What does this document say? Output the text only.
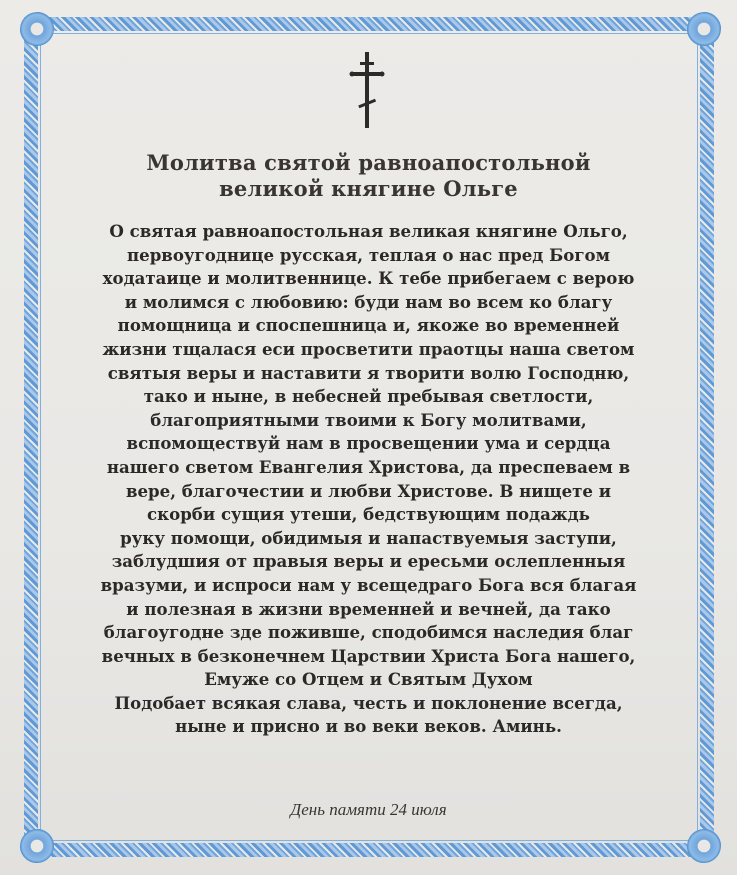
Молитва святой равноапостольной
великой княгине Ольге
О святая равноапостольная великая княгине Ольго,
первоугоднице русская, теплая о нас пред Богом
ходатаице и молитвеннице. К тебе прибегаем с верою
и молимся с любовию: буди нам во всем ко благу
помощница и споспешница и, якоже во временней
жизни тщалася еси просветити праотцы наша светом
святыя веры и наставити я творити волю Господню,
тако и ныне, в небесней пребывая светлости,
благоприятными твоими к Богу молитвами,
вспомоществуй нам в просвещении ума и сердца
нашего светом Евангелия Христова, да преспеваем в
вере, благочестии и любви Христове. В нищете и
скорби сущия утеши, бедствующим подаждь
руку помощи, обидимыя и напаствуемыя заступи,
заблудшия от правыя веры и ересьми ослепленныя
вразуми, и испроси нам у всещедраго Бога вся благая
и полезная в жизни временней и вечней, да тако
благоугодне зде поживше, сподобимся наследия благ
вечных в безконечнем Царствии Христа Бога нашего,
Емуже со Отцем и Святым Духом
Подобает всякая слава, честь и поклонение всегда,
ныне и присно и во веки веков. Аминь.
День памяти 24 июля
